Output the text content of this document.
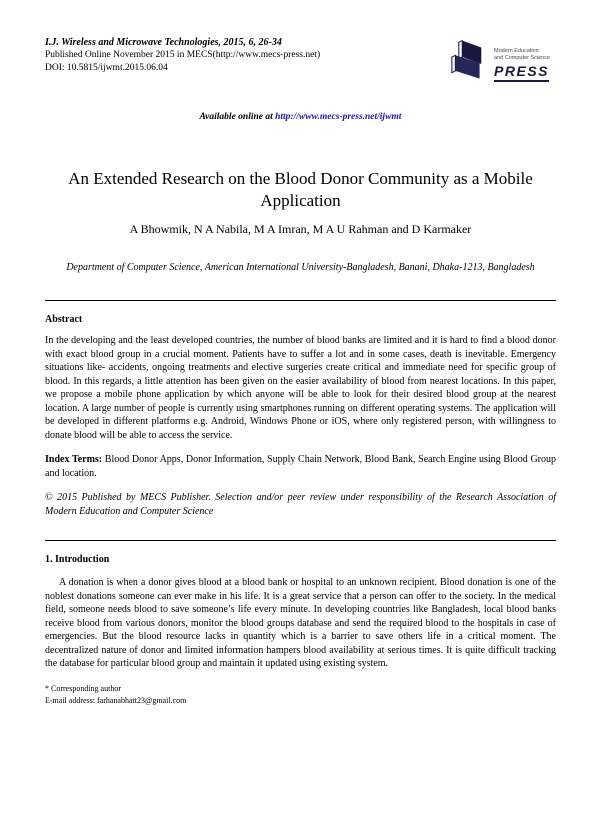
I.J. Wireless and Microwave Technologies, 2015, 6, 26-34
Published Online November 2015 in MECS(http://www.mecs-press.net)
DOI: 10.5815/ijwmt.2015.06.04
Modern Education
and Computer Science
PRESS
Available online at http://www.mecs-press.net/ijwmt
An Extended Research on the Blood Donor Community as a Mobile Application
A Bhowmik, N A Nabila, M A Imran, M A U Rahman and D Karmaker
Department of Computer Science, American International University-Bangladesh, Banani, Dhaka-1213, Bangladesh
Abstract

In the developing and the least developed countries, the number of blood banks are limited and it is hard to find a blood donor with exact blood group in a crucial moment. Patients have to suffer a lot and in some cases, death is inevitable. Emergency situations like- accidents, ongoing treatments and elective surgeries create critical and immediate need for specific group of blood. In this regards, a little attention has been given on the easier availability of blood from nearest locations. In this paper, we propose a mobile phone application by which anyone will be able to look for their desired blood group at the nearest location. A large number of people is currently using smartphones running on different operating systems. The application will be developed in different platforms e.g. Android, Windows Phone or iOS, where only registered person, with willingness to donate blood will be able to access the service.

Index Terms: Blood Donor Apps, Donor Information, Supply Chain Network, Blood Bank, Search Engine using Blood Group and location.

© 2015 Published by MECS Publisher. Selection and/or peer review under responsibility of the Research Association of Modern Education and Computer Science

1. Introduction

A donation is when a donor gives blood at a blood bank or hospital to an unknown recipient. Blood donation is one of the noblest donations someone can ever make in his life. It is a great service that a person can offer to the society. In the medical field, someone needs blood to save someone’s life every minute. In developing countries like Bangladesh, local blood banks receive blood from various donors, monitor the blood groups database and send the required blood to the hospitals in case of emergencies. But the blood resource lacks in quantity which is a barrier to save others life in a critical moment. The decentralized nature of donor and limited information hampers blood availability at serious times. It is quite difficult tracking the database for particular blood group and maintain it updated using existing system.

* Corresponding author
E-mail address: farhanabhatt23@gmail.com
